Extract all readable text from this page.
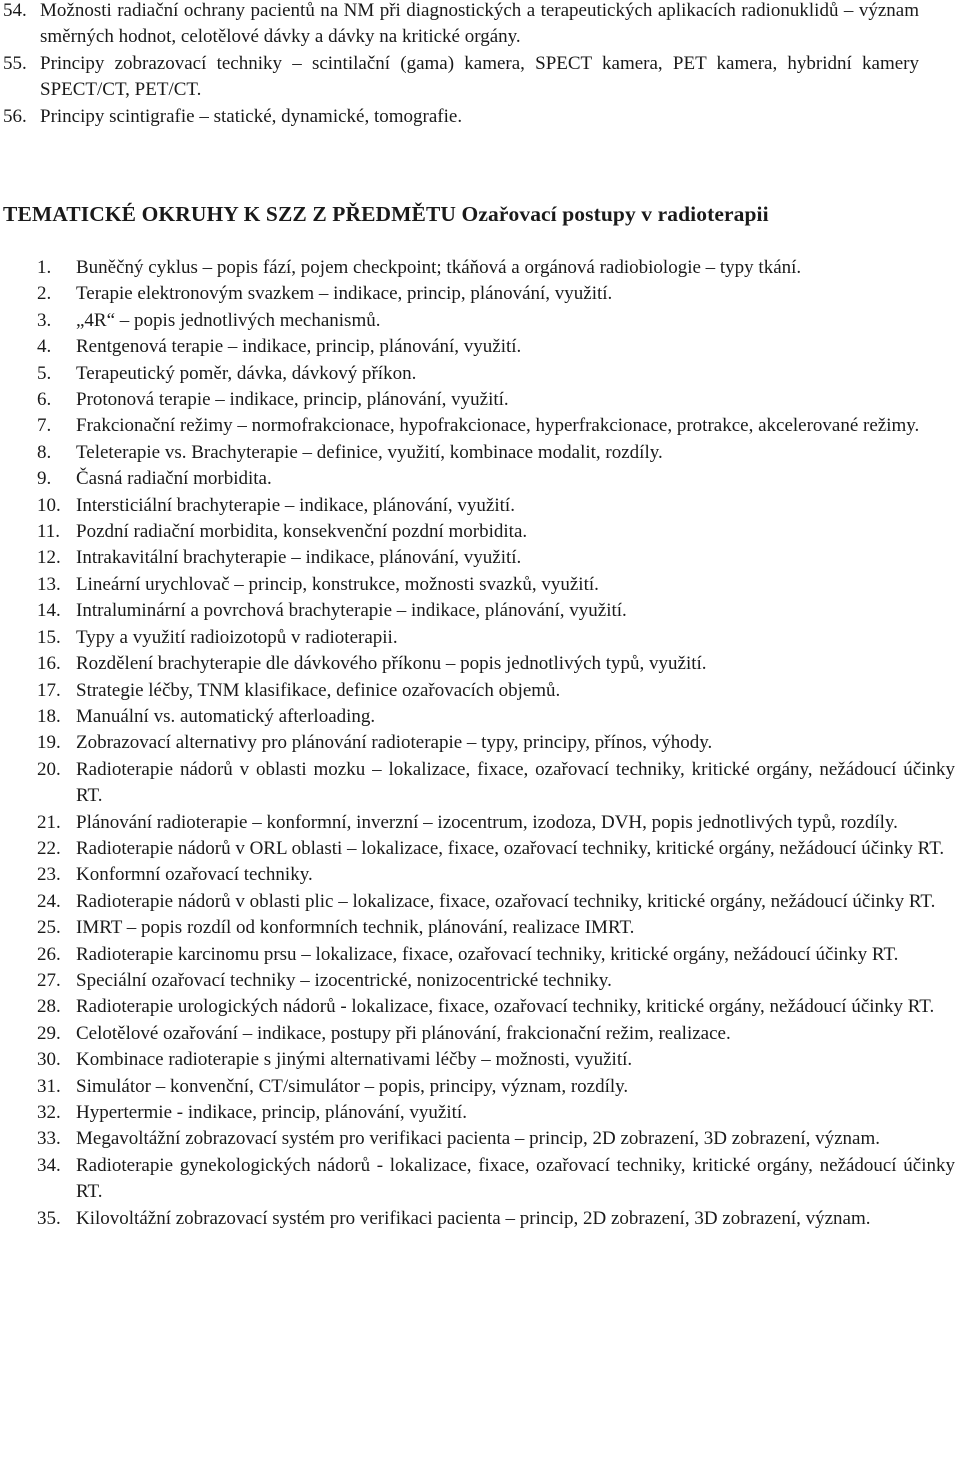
54. Možnosti radiační ochrany pacientů na NM při diagnostických a terapeutických aplikacích radionuklidů – význam směrných hodnot, celotělové dávky a dávky na kritické orgány.
55. Principy zobrazovací techniky – scintilační (gama) kamera, SPECT kamera, PET kamera, hybridní kamery SPECT/CT, PET/CT.
56. Principy scintigrafie – statické, dynamické, tomografie.
TEMATICKÉ OKRUHY K SZZ Z PŘEDMĚTU Ozařovací postupy v radioterapii
1.	Buněčný cyklus – popis fází, pojem checkpoint; tkáňová a orgánová radiobiologie – typy tkání.
2.	Terapie elektronovým svazkem – indikace, princip, plánování, využití.
3.	„4R“ – popis jednotlivých mechanismů.
4.	Rentgenová terapie – indikace, princip, plánování, využití.
5.	Terapeutický poměr, dávka, dávkový příkon.
6.	Protonová terapie – indikace, princip, plánování, využití.
7.	Frakcionační režimy – normofrakcionace, hypofrakcionace, hyperfrakcionace, protrakce, akcelerované režimy.
8.	Teleterapie vs. Brachyterapie – definice, využití, kombinace modalit, rozdíly.
9.	Časná radiační morbidita.
10. Intersticiální brachyterapie – indikace, plánování, využití.
11. Pozdní radiační morbidita, konsekvenční pozdní morbidita.
12. Intrakavitální brachyterapie – indikace, plánování, využití.
13. Lineární urychlovač – princip, konstrukce, možnosti svazků, využití.
14. Intraluminární a povrchová brachyterapie – indikace, plánování, využití.
15. Typy a využití radioizotopů v radioterapii.
16. Rozdělení brachyterapie dle dávkového příkonu – popis jednotlivých typů, využití.
17. Strategie léčby, TNM klasifikace, definice ozařovacích objemů.
18. Manuální vs. automatický afterloading.
19. Zobrazovací alternativy pro plánování radioterapie – typy, principy, přínos, výhody.
20. Radioterapie nádorů v oblasti mozku – lokalizace, fixace, ozařovací techniky, kritické orgány, nežádoucí účinky RT.
21. Plánování radioterapie – konformní, inverzní – izocentrum, izodoza, DVH, popis jednotlivých typů, rozdíly.
22. Radioterapie nádorů v ORL oblasti – lokalizace, fixace, ozařovací techniky, kritické orgány, nežádoucí účinky RT.
23. Konformní ozařovací techniky.
24. Radioterapie nádorů v oblasti plic – lokalizace, fixace, ozařovací techniky, kritické orgány, nežádoucí účinky RT.
25. IMRT – popis rozdíl od konformních technik, plánování, realizace IMRT.
26. Radioterapie karcinomu prsu – lokalizace, fixace, ozařovací techniky, kritické orgány, nežádoucí účinky RT.
27. Speciální ozařovací techniky – izocentrické, nonizocentrické techniky.
28. Radioterapie urologických nádorů - lokalizace, fixace, ozařovací techniky, kritické orgány, nežádoucí účinky RT.
29. Celotělové ozařování – indikace, postupy při plánování, frakcionační režim, realizace.
30. Kombinace radioterapie s jinými alternativami léčby – možnosti, využití.
31. Simulátor – konvenční, CT/simulátor – popis, principy, význam, rozdíly.
32. Hypertermie - indikace, princip, plánování, využití.
33. Megavoltážní zobrazovací systém pro verifikaci pacienta – princip, 2D zobrazení, 3D zobrazení, význam.
34. Radioterapie gynekologických nádorů - lokalizace, fixace, ozařovací techniky, kritické orgány, nežádoucí účinky RT.
35. Kilovoltážní zobrazovací systém pro verifikaci pacienta – princip, 2D zobrazení, 3D zobrazení, význam.
